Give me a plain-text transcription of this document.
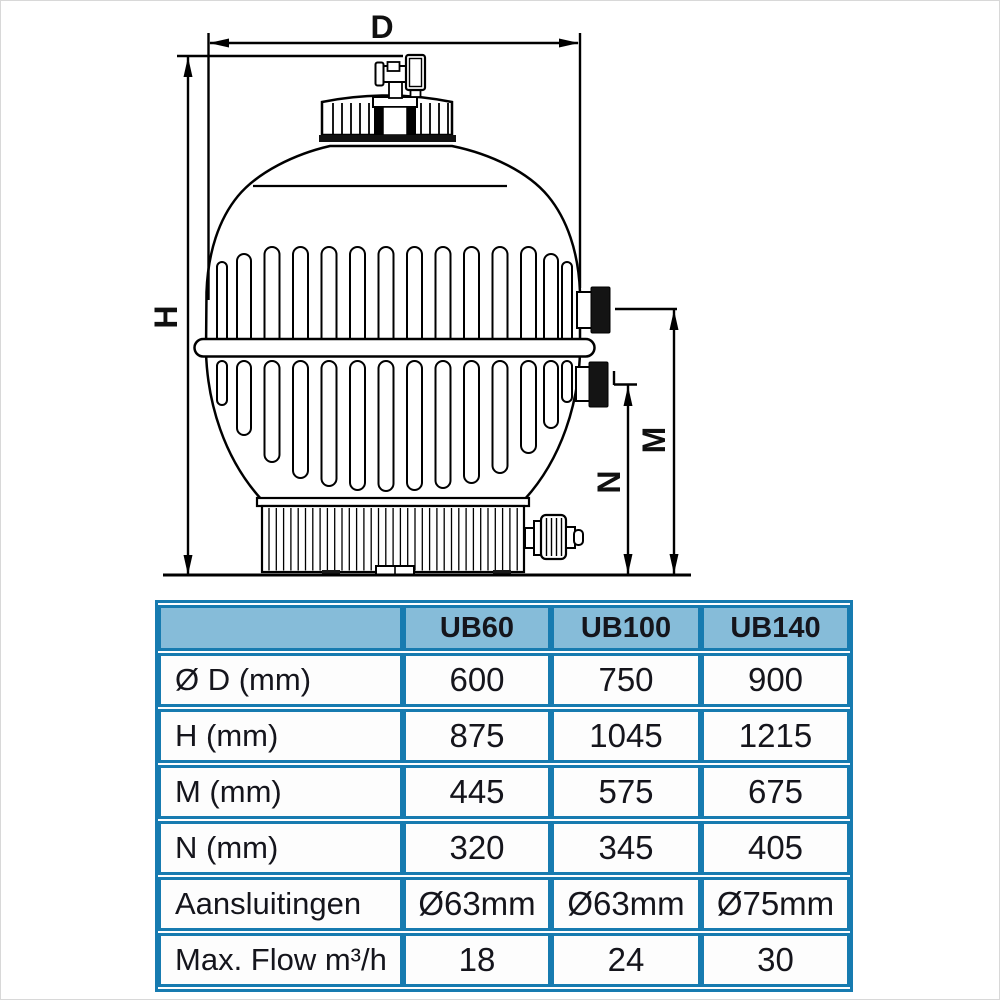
D
H
M
N
	UB60	UB100	UB140
Ø D (mm)	600	750	900
H (mm)	875	1045	1215
M (mm)	445	575	675
N (mm)	320	345	405
Aansluitingen	Ø63mm	Ø63mm	Ø75mm
Max. Flow m³/h	18	24	30
